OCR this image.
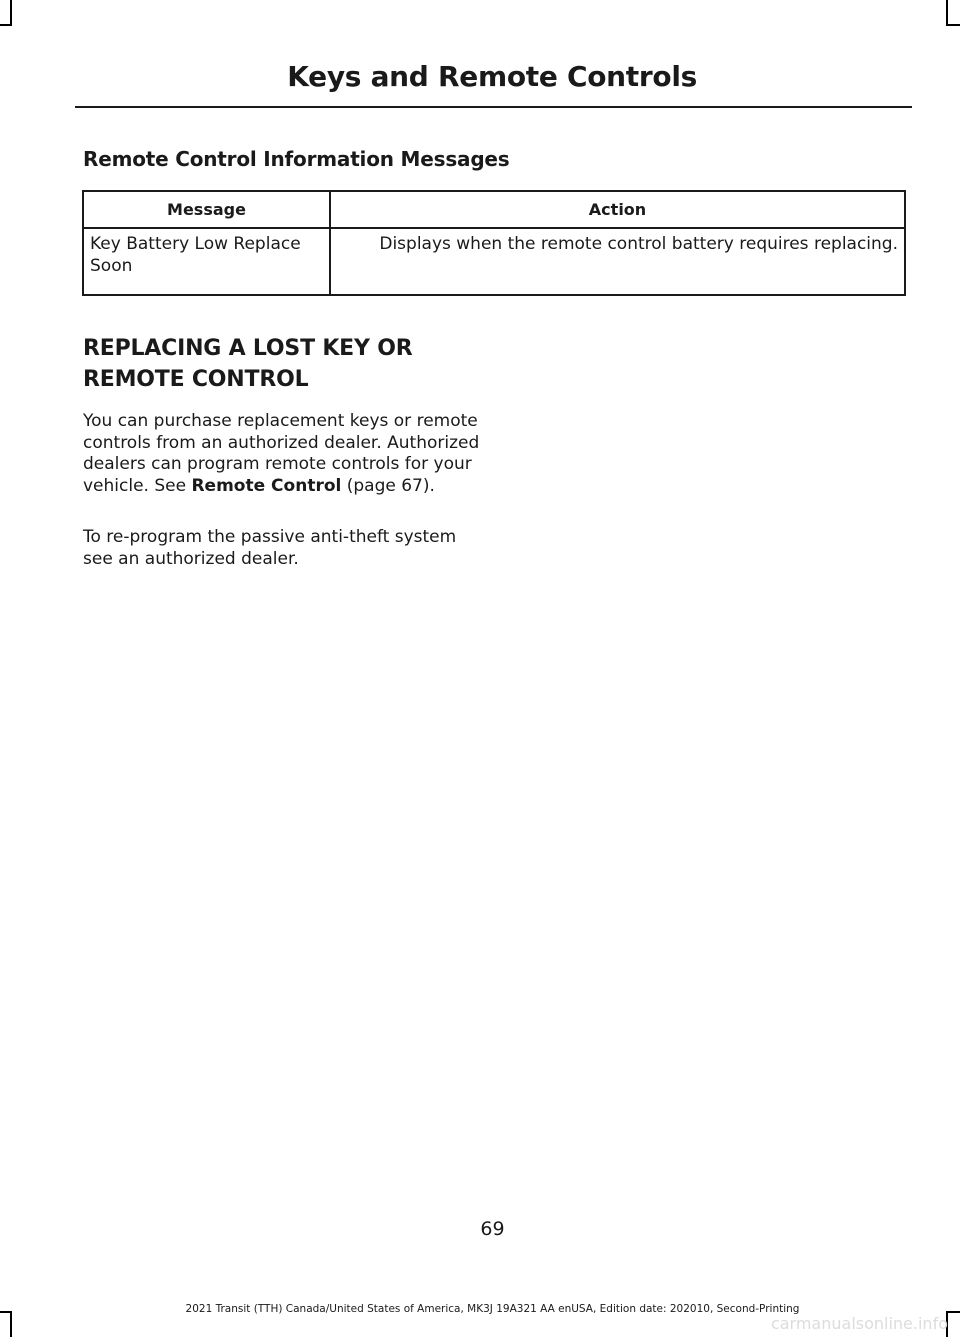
Keys and Remote Controls
Remote Control Information Messages
Message	Action
Key Battery Low Replace Soon	Displays when the remote control battery requires replacing.
REPLACING A LOST KEY OR REMOTE CONTROL
You can purchase replacement keys or remote controls from an authorized dealer. Authorized dealers can program remote controls for your vehicle. See Remote Control (page 67).
To re-program the passive anti-theft system see an authorized dealer.
69
2021 Transit (TTH) Canada/United States of America, MK3J 19A321 AA enUSA, Edition date: 202010, Second-Printing
carmanualsonline.info
